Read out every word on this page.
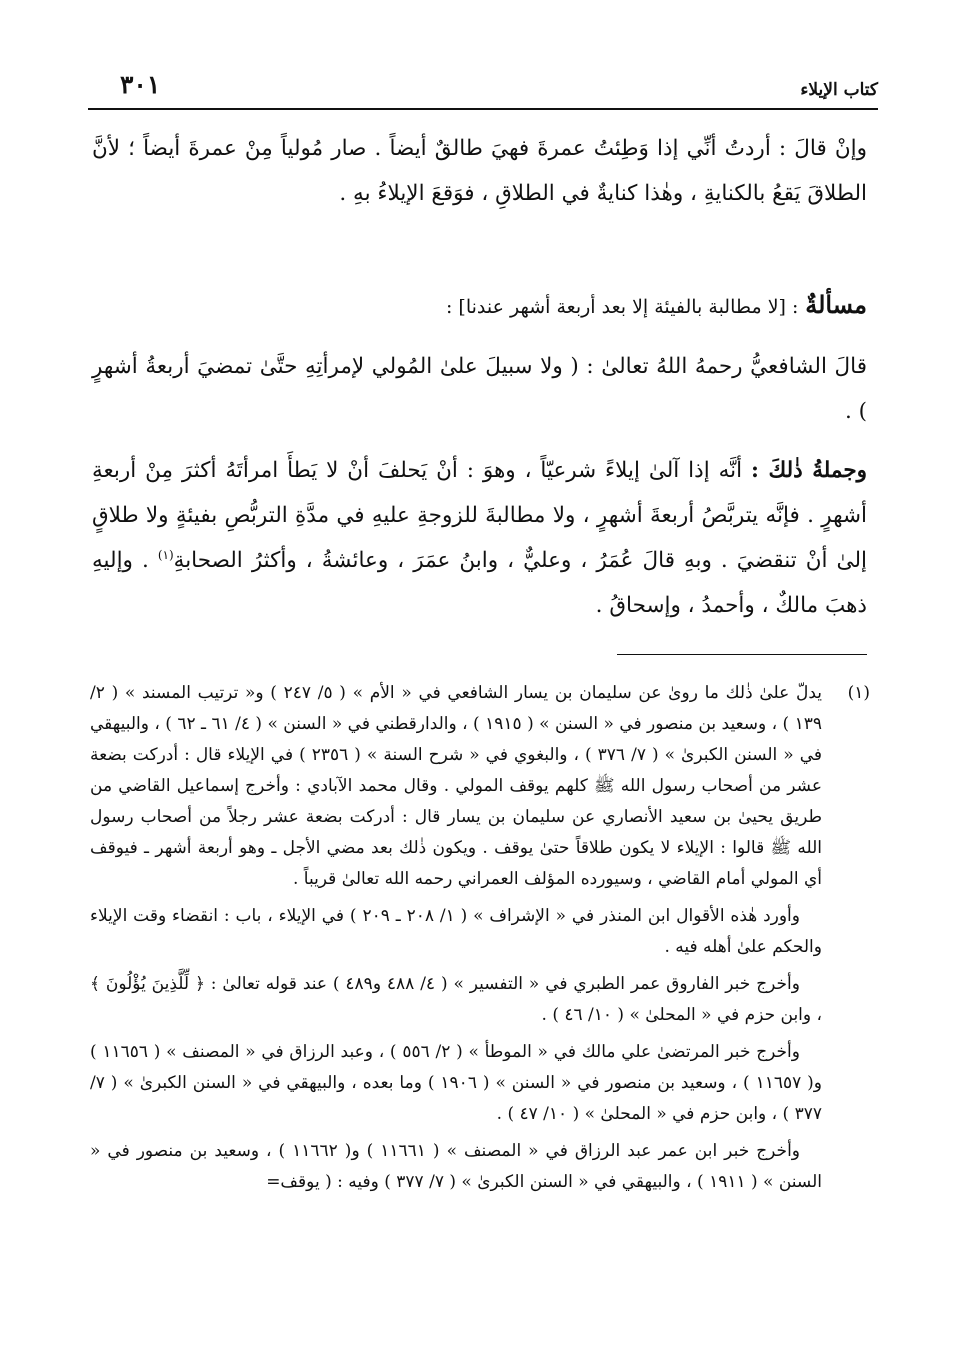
كتاب الإيلاء
٣٠١

وإنْ قالَ : أردتُ أنِّي إذا وَطِئتُ عمرةَ فهيَ طالقٌ أيضاً . صار مُولياً مِنْ عمرةَ أيضاً ؛ لأنَّ الطلاقَ يَقعُ بالكنايةِ ، وهٰذا كنايةٌ في الطلاقِ ، فوَقعَ الإيلاءُ بهِ .

مسألةٌ : [لا مطالبة بالفيئة إلا بعد أربعة أشهر عندنا] :

قالَ الشافعيُّ رحمهُ اللهُ تعالىٰ : ( ولا سبيلَ علىٰ المُولي لإمرأتِهِ حتَّىٰ تمضيَ أربعةُ أشهرٍ ) .

وجملةُ ذٰلكَ : أنَّه إذا آلىٰ إيلاءً شرعيّاً ، وهوَ : أنْ يَحلفَ أنْ لا يَطأَ امرأتَهُ أكثرَ مِنْ أربعةِ أشهرٍ . فإنَّه يتربَّصُ أربعةَ أشهرٍ ، ولا مطالبةَ للزوجةِ عليهِ في مدَّةِ التربُّصِ بفيئةٍ ولا طلاقٍ إلىٰ أنْ تنقضيَ . وبهِ قالَ عُمَرُ ، وعليٌّ ، وابنُ عمَرَ ، وعائشةُ ، وأكثرُ الصحابةِ$^{(١)}$ . وإليهِ ذهبَ مالكٌ ، وأحمدُ ، وإسحاقُ .

(١)

يدلّ علىٰ ذٰلك ما روىٰ عن سليمان بن يسار الشافعي في « الأم » ( ٥/ ٢٤٧ ) و« ترتيب المسند » ( ٢/ ١٣٩ ) ، وسعيد بن منصور في « السنن » ( ١٩١٥ ) ، والدارقطني في « السنن » ( ٤/ ٦١ ـ ٦٢ ) ، والبيهقي في « السنن الكبرىٰ » ( ٧/ ٣٧٦ ) ، والبغوي في « شرح السنة » ( ٢٣٥٦ ) في الإيلاء قال : أدركت بضعة عشر من أصحاب رسول الله ﷺ كلهم يوقف المولي . وقال محمد الآبادي : وأخرج إسماعيل القاضي من طريق يحيىٰ بن سعيد الأنصاري عن سليمان بن يسار قال : أدركت بضعة عشر رجلاً من أصحاب رسول الله ﷺ قالوا : الإيلاء لا يكون طلاقاً حتىٰ يوقف . ويكون ذٰلك بعد مضي الأجل ـ وهو أربعة أشهر ـ فيوقف أي المولي أمام القاضي ، وسيورده المؤلف العمراني رحمه الله تعالىٰ قريباً .

وأورد هٰذه الأقوال ابن المنذر في « الإشراف » ( ١/ ٢٠٨ ـ ٢٠٩ ) في الإيلاء ، باب : انقضاء وقت الإيلاء والحكم علىٰ أهله فيه .

وأخرج خبر الفاروق عمر الطبري في « التفسير » ( ٤/ ٤٨٨ و٤٨٩ ) عند قوله تعالىٰ : ﴿ لِّلَّذِينَ يُؤْلُونَ ﴾ ، وابن حزم في « المحلىٰ » ( ١٠/ ٤٦ ) .

وأخرج خبر المرتضىٰ علي مالك في « الموطأ » ( ٢/ ٥٥٦ ) ، وعبد الرزاق في « المصنف » ( ١١٦٥٦ ) و( ١١٦٥٧ ) ، وسعيد بن منصور في « السنن » ( ١٩٠٦ ) وما بعده ، والبيهقي في « السنن الكبرىٰ » ( ٧/ ٣٧٧ ) ، وابن حزم في « المحلىٰ » ( ١٠/ ٤٧ ) .

وأخرج خبر ابن عمر عبد الرزاق في « المصنف » ( ١١٦٦١ ) و( ١١٦٦٢ ) ، وسعيد بن منصور في « السنن » ( ١٩١١ ) ، والبيهقي في « السنن الكبرىٰ » ( ٧/ ٣٧٧ ) وفيه : ( يوقف=
